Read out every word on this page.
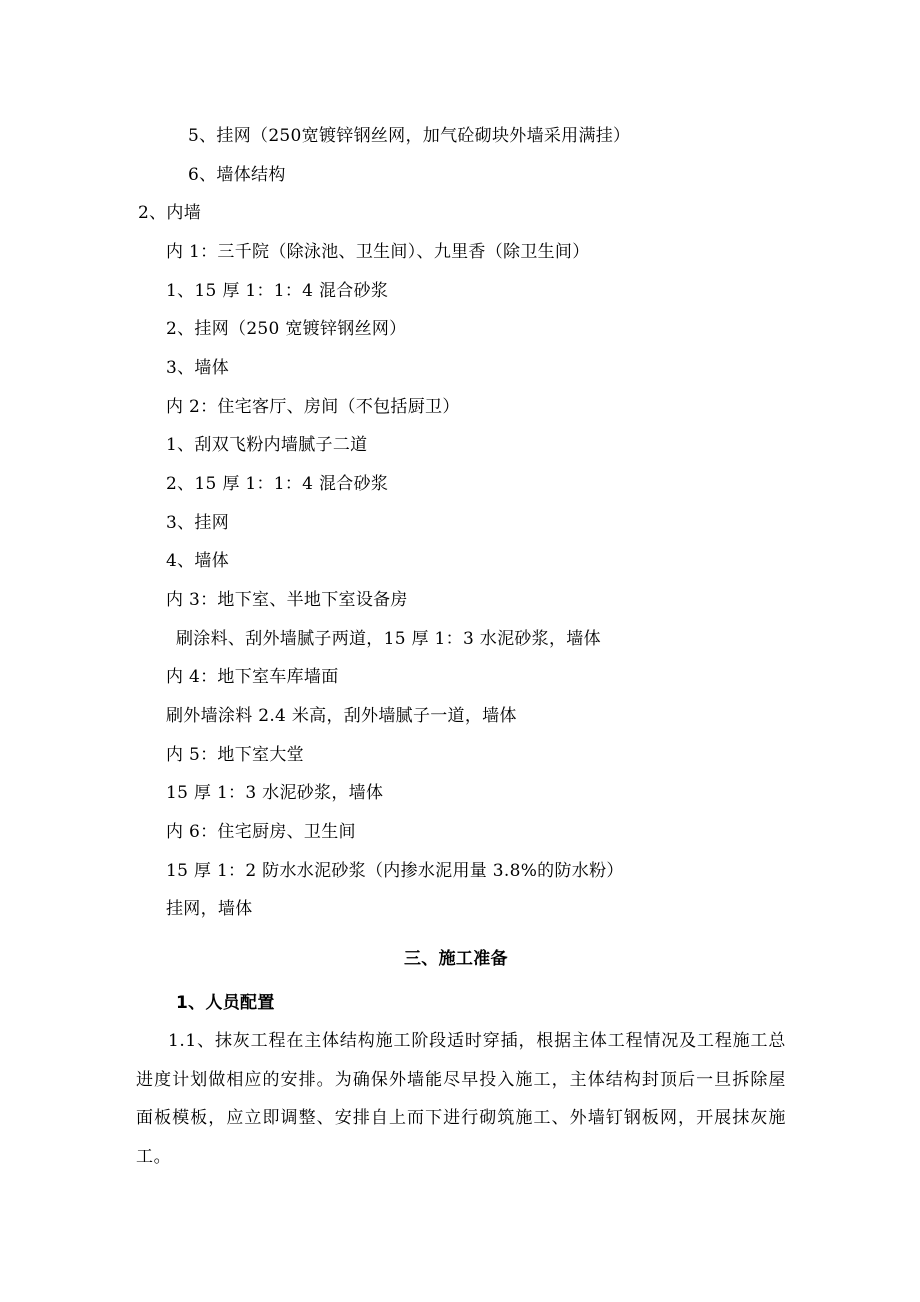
5、挂网（250宽镀锌钢丝网，加气砼砌块外墙采用满挂）
6、墙体结构
2、内墙
内 1：三千院（除泳池、卫生间）、九里香（除卫生间）
1、15 厚 1：1：4 混合砂浆
2、挂网（250 宽镀锌钢丝网）
3、墙体
内 2：住宅客厅、房间（不包括厨卫）
1、刮双飞粉内墙腻子二道
2、15 厚 1：1：4 混合砂浆
3、挂网
4、墙体
内 3：地下室、半地下室设备房
刷涂料、刮外墙腻子两道，15 厚 1：3 水泥砂浆，墙体
内 4：地下室车库墙面
刷外墙涂料 2.4 米高，刮外墙腻子一道，墙体
内 5：地下室大堂
15 厚 1：3 水泥砂浆，墙体
内 6：住宅厨房、卫生间
15 厚 1：2 防水水泥砂浆（内掺水泥用量 3.8%的防水粉）
挂网，墙体
三、施工准备
1、人员配置
1.1、抹灰工程在主体结构施工阶段适时穿插，根据主体工程情况及工程施工总进度计划做相应的安排。为确保外墙能尽早投入施工，主体结构封顶后一旦拆除屋面板模板，应立即调整、安排自上而下进行砌筑施工、外墙钉钢板网，开展抹灰施工。
